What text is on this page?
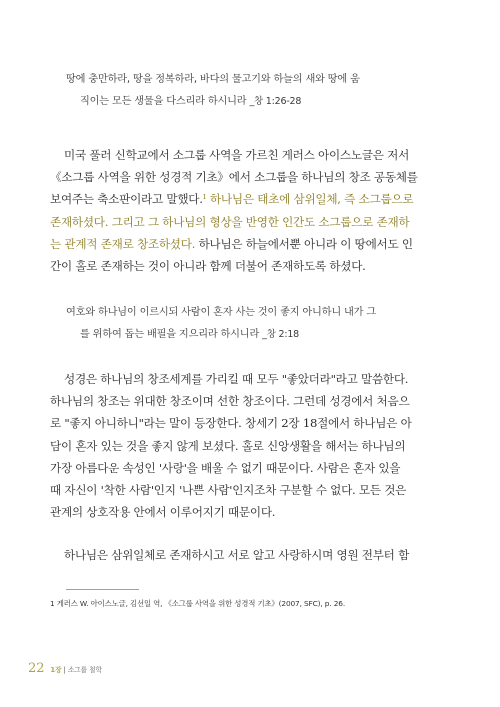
땅에 충만하라, 땅을 정복하라, 바다의 물고기와 하늘의 새와 땅에 움
직이는 모든 생물을 다스리라 하시니라 _창 1:26-28
미국 풀러 신학교에서 소그룹 사역을 가르친 게러스 아이스노글은 저서
《소그룹 사역을 위한 성경적 기초》에서 소그룹을 하나님의 창조 공동체를
보여주는 축소판이라고 말했다.$^1$ 하나님은 태초에 삼위일체, 즉 소그룹으로
존재하셨다. 그리고 그 하나님의 형상을 반영한 인간도 소그룹으로 존재하
는 관계적 존재로 창조하셨다. 하나님은 하늘에서뿐 아니라 이 땅에서도 인
간이 홀로 존재하는 것이 아니라 함께 더불어 존재하도록 하셨다.
여호와 하나님이 이르시되 사람이 혼자 사는 것이 좋지 아니하니 내가 그
를 위하여 돕는 배필을 지으리라 하시니라 _창 2:18
성경은 하나님의 창조세계를 가리킬 때 모두 "좋았더라"라고 말씀한다.
하나님의 창조는 위대한 창조이며 선한 창조이다. 그런데 성경에서 처음으
로 "좋지 아니하니"라는 말이 등장한다. 창세기 2장 18절에서 하나님은 아
담이 혼자 있는 것을 좋지 않게 보셨다. 홀로 신앙생활을 해서는 하나님의
가장 아름다운 속성인 '사랑'을 배울 수 없기 때문이다. 사람은 혼자 있을
때 자신이 '착한 사람'인지 '나쁜 사람'인지조차 구분할 수 없다. 모든 것은
관계의 상호작용 안에서 이루어지기 때문이다.
하나님은 삼위일체로 존재하시고 서로 알고 사랑하시며 영원 전부터 함
1 게러스 W. 아이스노글, 김선일 역, 《소그룹 사역을 위한 성경적 기초》(2007, SFC), p. 26.
22 1장 | 소그룹 철학
